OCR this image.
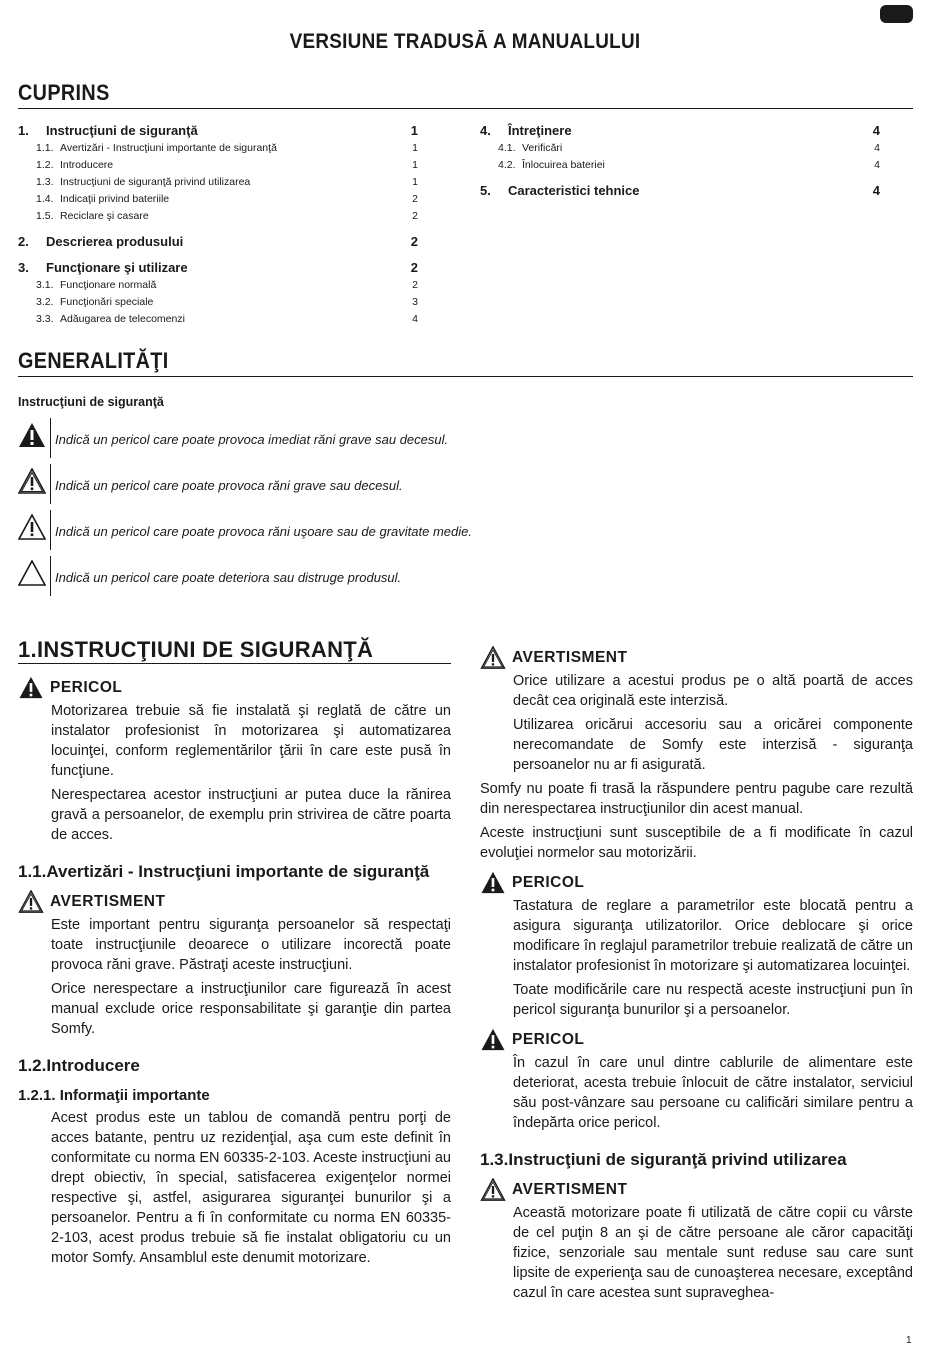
VERSIUNE TRADUSĂ A MANUALULUI
CUPRINS
1. Instrucţiuni de siguranţă	1
1.1. Avertizări - Instrucţiuni importante de siguranţă	1
1.2. Introducere	1
1.3. Instrucţiuni de siguranţă privind utilizarea	1
1.4. Indicaţii privind bateriile	2
1.5. Reciclare şi casare	2
2. Descrierea produsului	2
3. Funcţionare şi utilizare	2
3.1. Funcţionare normală	2
3.2. Funcţionări speciale	3
3.3. Adăugarea de telecomenzi	4
4. Întreţinere	4
4.1. Verificări	4
4.2. Înlocuirea bateriei	4
5. Caracteristici tehnice	4
GENERALITĂŢI
Instrucţiuni de siguranţă
Indică un pericol care poate provoca imediat răni grave sau decesul.
Indică un pericol care poate provoca răni grave sau decesul.
Indică un pericol care poate provoca răni uşoare sau de gravitate medie.
Indică un pericol care poate deteriora sau distruge produsul.
1.INSTRUCŢIUNI DE SIGURANŢĂ
PERICOL

Motorizarea trebuie să fie instalată şi reglată de către un instalator profesionist în motorizarea şi automatizarea locuinţei, conform reglementărilor ţării în care este pusă în funcţiune.

Nerespectarea acestor instrucţiuni ar putea duce la rănirea gravă a persoanelor, de exemplu prin strivirea de către poarta de acces.

1.1.Avertizări - Instrucţiuni importante de siguranţă
AVERTISMENT

Este important pentru siguranţa persoanelor să respectaţi toate instrucţiunile deoarece o utilizare incorectă poate provoca răni grave. Păstraţi aceste instrucţiuni.

Orice nerespectare a instrucţiunilor care figurează în acest manual exclude orice responsabilitate şi garanţie din partea Somfy.

1.2.Introducere
1.2.1. Informaţii importante

Acest produs este un tablou de comandă pentru porţi de acces batante, pentru uz rezidenţial, aşa cum este definit în conformitate cu norma EN 60335-2-103. Aceste instrucţiuni au drept obiectiv, în special, satisfacerea exigenţelor normei respective şi, astfel, asigurarea siguranţei bunurilor şi a persoanelor. Pentru a fi în conformitate cu norma EN 60335-2-103, acest produs trebuie să fie instalat obligatoriu cu un motor Somfy. Ansamblul este denumit motorizare.

AVERTISMENT

Orice utilizare a acestui produs pe o altă poartă de acces decât cea originală este interzisă.

Utilizarea oricărui accesoriu sau a oricărei componente nerecomandate de Somfy este interzisă - siguranţa persoanelor nu ar fi asigurată.

Somfy nu poate fi trasă la răspundere pentru pagube care rezultă din nerespectarea instrucţiunilor din acest manual.

Aceste instrucţiuni sunt susceptibile de a fi modificate în cazul evoluţiei normelor sau motorizării.

PERICOL

Tastatura de reglare a parametrilor este blocată pentru a asigura siguranţa utilizatorilor. Orice deblocare şi orice modificare în reglajul parametrilor trebuie realizată de către un instalator profesionist în motorizare şi automatizarea locuinţei.

Toate modificările care nu respectă aceste instrucţiuni pun în pericol siguranţa bunurilor şi a persoanelor.

PERICOL

În cazul în care unul dintre cablurile de alimentare este deteriorat, acesta trebuie înlocuit de către instalator, serviciul său post-vânzare sau persoane cu calificări similare pentru a îndepărta orice pericol.

1.3.Instrucţiuni de siguranţă privind utilizarea
AVERTISMENT

Această motorizare poate fi utilizată de către copii cu vârste de cel puţin 8 an şi de către persoane ale căror capacităţi fizice, senzoriale sau mentale sunt reduse sau care sunt lipsite de experienţa sau de cunoaşterea necesare, exceptând cazul în care acestea sunt supraveghea-

1
